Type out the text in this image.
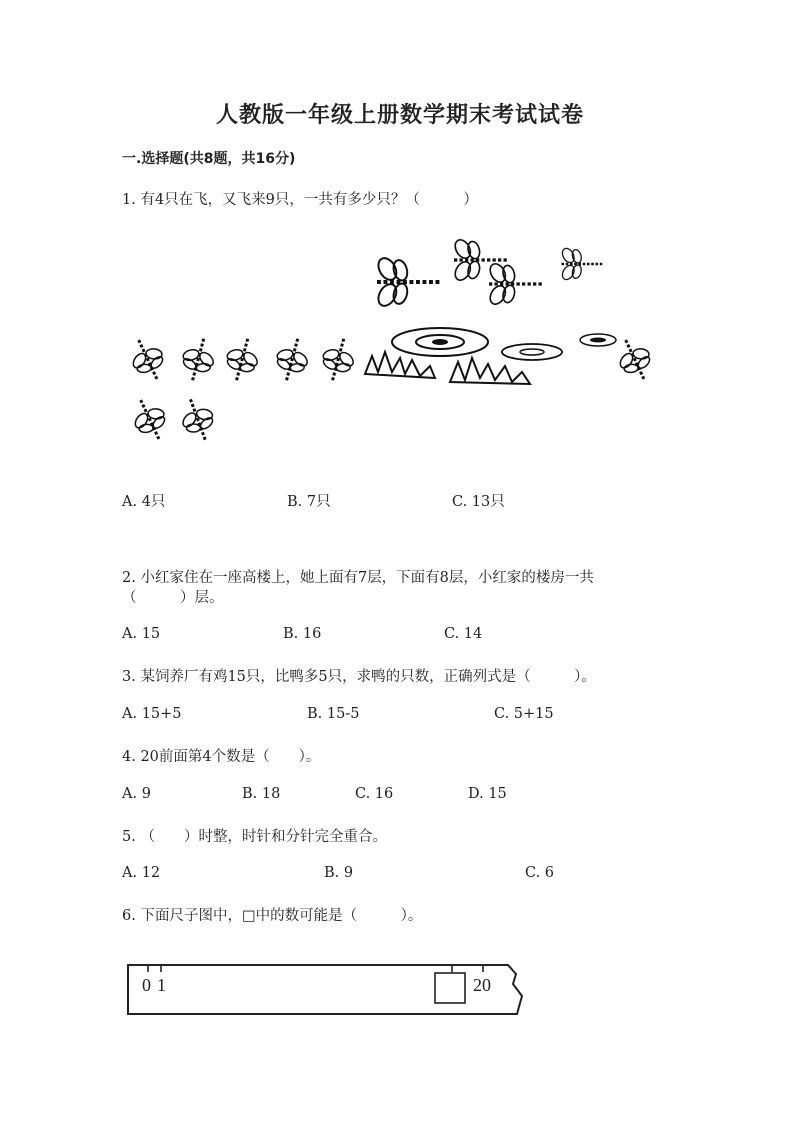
人教版一年级上册数学期末考试试卷
一.选择题(共8题，共16分)
1. 有4只在飞，又飞来9只，一共有多少只？（　　　）
A. 4只	B. 7只	C. 13只
2. 小红家住在一座高楼上，她上面有7层，下面有8层，小红家的楼房一共
（　　　）层。
A. 15	B. 16	C. 14
3. 某饲养厂有鸡15只，比鸭多5只，求鸭的只数，正确列式是（　　　）。
A. 15+5	B. 15-5	C. 5+15
4. 20前面第4个数是（　　）。
A. 9	B. 18	C. 16	D. 15
5. （　　）时整，时针和分针完全重合。
A. 12	B. 9	C. 6
6. 下面尺子图中，□中的数可能是（　　　）。
0 1	20
